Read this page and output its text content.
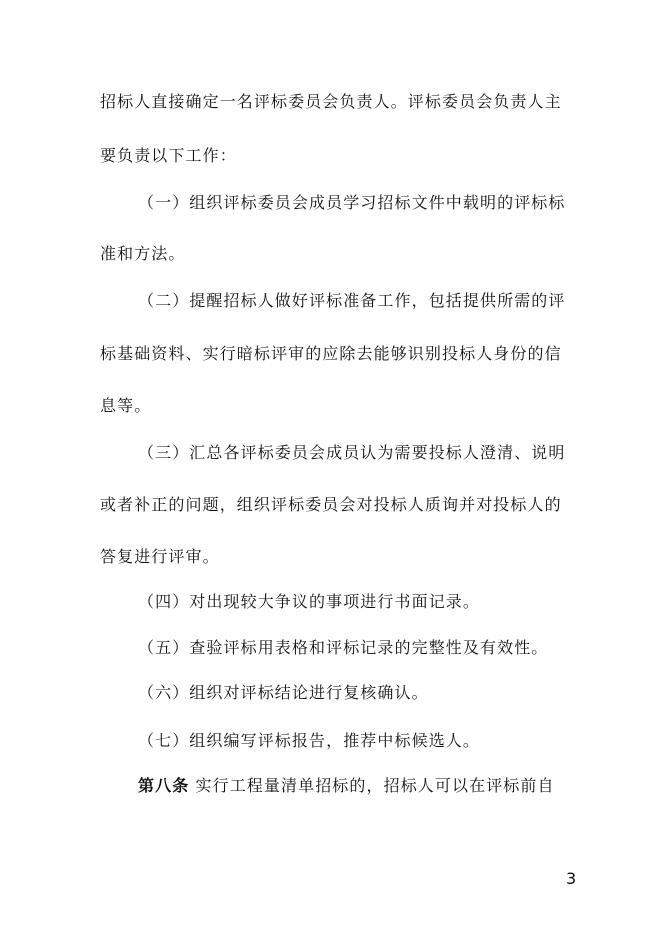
招标人直接确定一名评标委员会负责人。评标委员会负责人主
要负责以下工作：
（一）组织评标委员会成员学习招标文件中载明的评标标
准和方法。
（二）提醒招标人做好评标准备工作，包括提供所需的评
标基础资料、实行暗标评审的应除去能够识别投标人身份的信
息等。
（三）汇总各评标委员会成员认为需要投标人澄清、说明
或者补正的问题，组织评标委员会对投标人质询并对投标人的
答复进行评审。
（四）对出现较大争议的事项进行书面记录。
（五）查验评标用表格和评标记录的完整性及有效性。
（六）组织对评标结论进行复核确认。
（七）组织编写评标报告，推荐中标候选人。
第八条 实行工程量清单招标的，招标人可以在评标前自
3
